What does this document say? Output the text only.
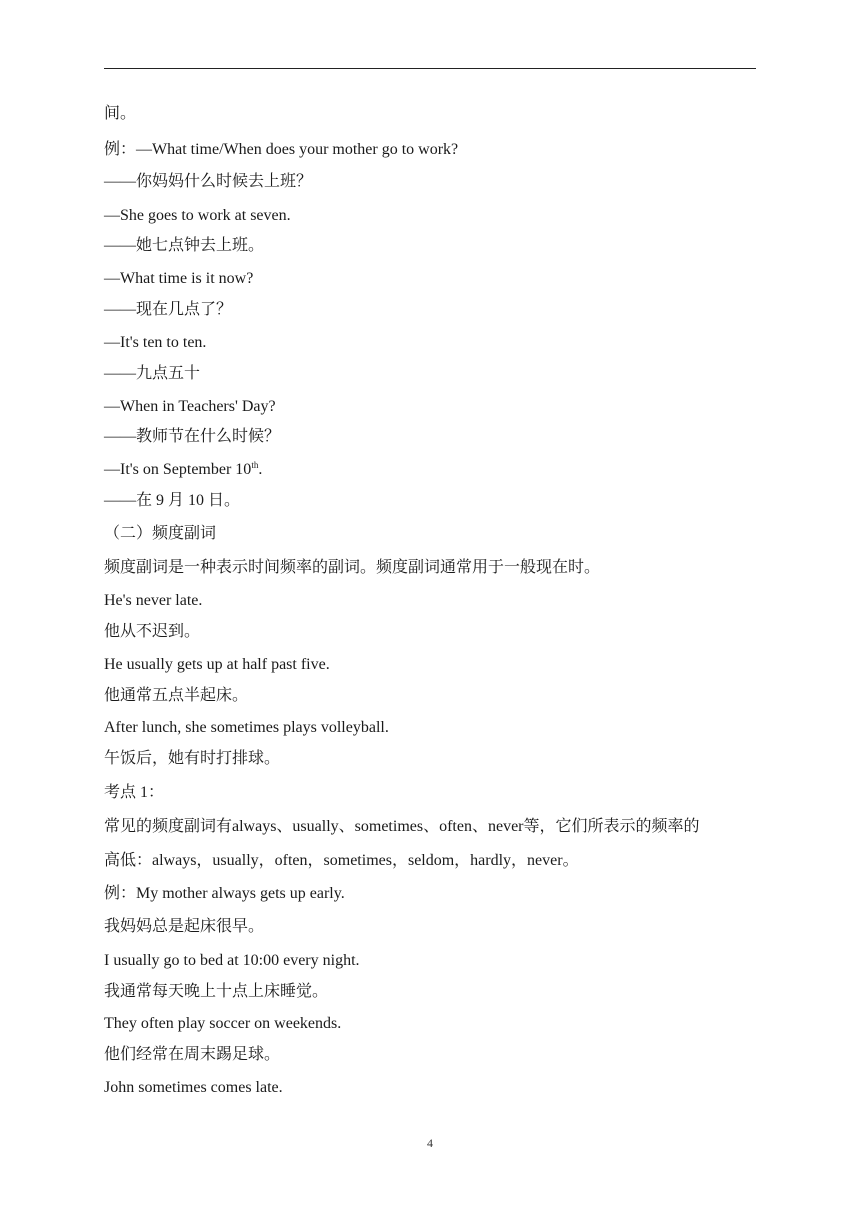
间。
例：—What time/When does your mother go to work?
——你妈妈什么时候去上班？
—She goes to work at seven.
——她七点钟去上班。
—What time is it now?
——现在几点了？
—It's ten to ten.
——九点五十
—When in Teachers' Day?
——教师节在什么时候？
—It's on September 10th.
——在 9 月 10 日。
（二）频度副词
频度副词是一种表示时间频率的副词。频度副词通常用于一般现在时。
He's never late.
他从不迟到。
He usually gets up at half past five.
他通常五点半起床。
After lunch, she sometimes plays volleyball.
午饭后，她有时打排球。
考点 1：
常见的频度副词有always、usually、sometimes、often、never等，它们所表示的频率的
高低：always，usually，often，sometimes，seldom，hardly，never。
例：My mother always gets up early.
我妈妈总是起床很早。
I usually go to bed at 10:00 every night.
我通常每天晚上十点上床睡觉。
They often play soccer on weekends.
他们经常在周末踢足球。
John sometimes comes late.
4
